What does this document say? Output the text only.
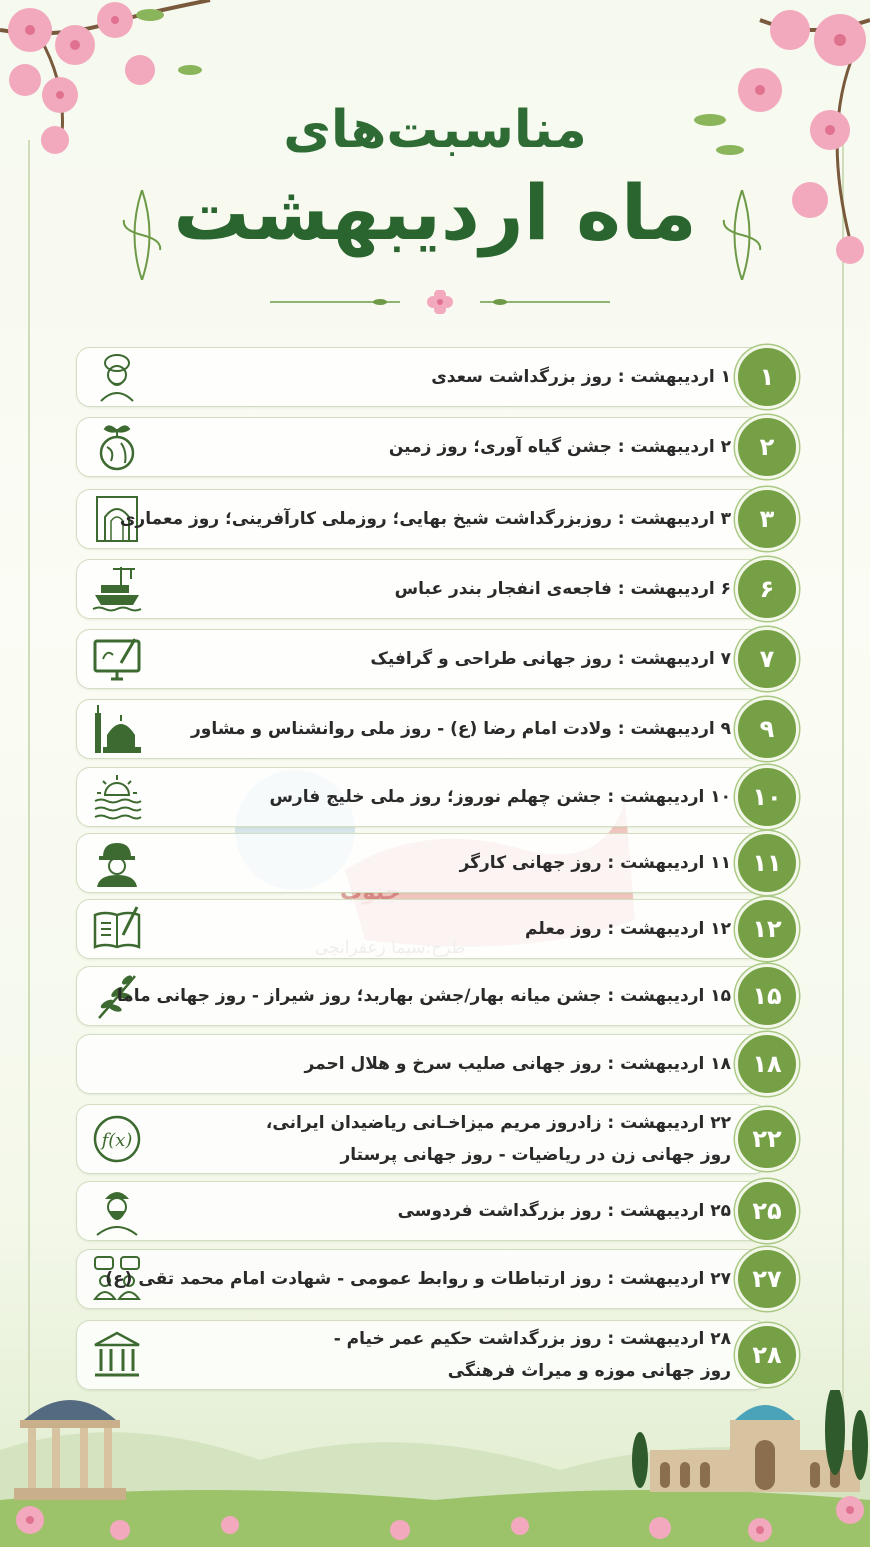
مناسبت‌های
ماه اردیبهشت
۱ اردیبهشت : روز بزرگداشت سعدی	۱
۲ اردیبهشت : جشن گیاه آوری؛ روز زمین	۲
۳ اردیبهشت : روزبزرگداشت شیخ بهایی؛ روزملی کارآفرینی؛ روز معماری	۳
۶ اردیبهشت : فاجعه‌ی انفجار بندر عباس	۶
۷ اردیبهشت : روز جهانی طراحی و گرافیک	۷
۹ اردیبهشت : ولادت امام رضا (ع) - روز ملی روانشناس و مشاور	۹
۱۰ اردیبهشت : جشن چهلم نوروز؛ روز ملی خلیج فارس ۱۰
۱۱ اردیبهشت : روز جهانی کارگر ۱۱
۱۲ اردیبهشت : روز معلم ۱۲
۱۵ اردیبهشت : جشن میانه بهار/جشن بهاربد؛ روز شیراز - روز جهانی ماما ۱۵
۱۸ اردیبهشت : روز جهانی صلیب سرخ و هلال احمر ۱۸
f(x)
۲۲ اردیبهشت : زادروز مریم میزاخـانی ریاضیدان ایرانی،
روز جهانی زن در ریاضیات - روز جهانی پرستار
۲۲
۲۵ اردیبهشت : روز بزرگداشت فردوسی ۲۵
۲۷ اردیبهشت : روز ارتباطات و روابط عمومی - شهادت امام محمد تقی (ع) ۲۷
۲۸ اردیبهشت : روز بزرگداشت حکیم عمر خیام -
روز جهانی موزه و میراث فرهنگی
۲۸
